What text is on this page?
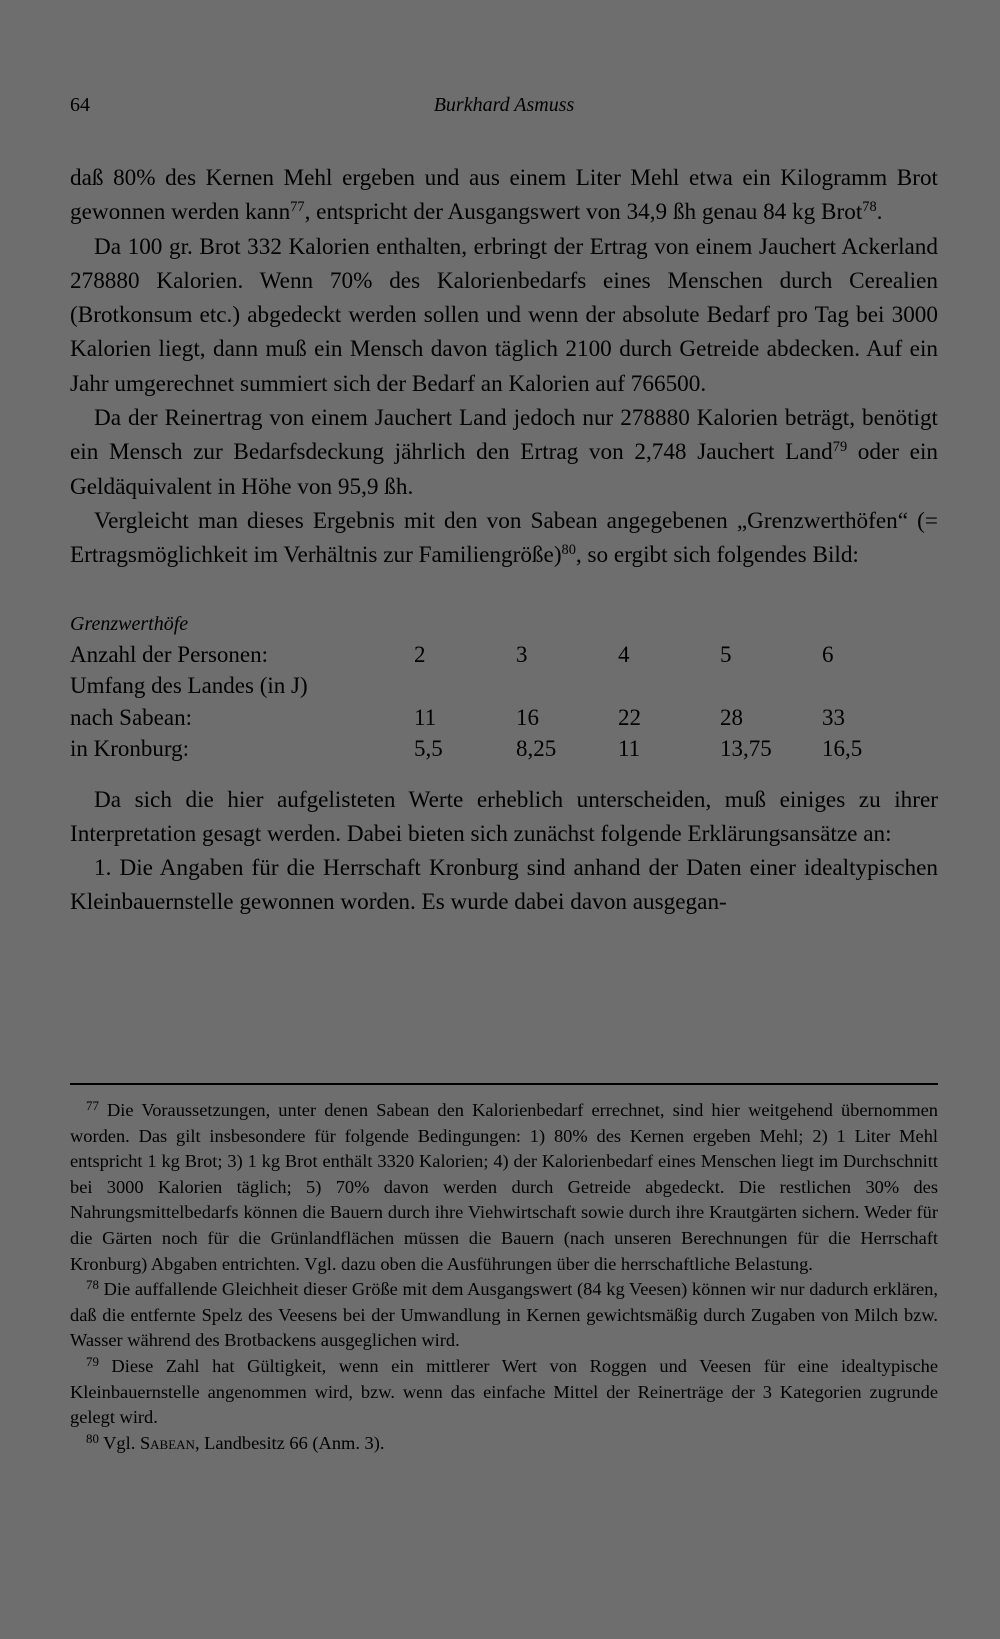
64	Burkhard Asmuss

daß 80% des Kernen Mehl ergeben und aus einem Liter Mehl etwa ein Kilogramm Brot gewonnen werden kann$^{77}$, entspricht der Ausgangswert von 34,9 ßh genau 84 kg Brot$^{78}$.

Da 100 gr. Brot 332 Kalorien enthalten, erbringt der Ertrag von einem Jauchert Ackerland 278880 Kalorien. Wenn 70% des Kalorienbedarfs eines Menschen durch Cerealien (Brotkonsum etc.) abgedeckt werden sollen und wenn der absolute Bedarf pro Tag bei 3000 Kalorien liegt, dann muß ein Mensch davon täglich 2100 durch Getreide abdecken. Auf ein Jahr umgerechnet summiert sich der Bedarf an Kalorien auf 766500.

Da der Reinertrag von einem Jauchert Land jedoch nur 278880 Kalorien beträgt, benötigt ein Mensch zur Bedarfsdeckung jährlich den Ertrag von 2,748 Jauchert Land$^{79}$ oder ein Geldäquivalent in Höhe von 95,9 ßh.

Vergleicht man dieses Ergebnis mit den von Sabean angegebenen „Grenzwerthöfen“ (= Ertragsmöglichkeit im Verhältnis zur Familiengröße)$^{80}$, so ergibt sich folgendes Bild:

Grenzwerthöfe
Anzahl der Personen:	2	3	4	5	6
Umfang des Landes (in J)					
nach Sabean:	11	16	22	28	33
in Kronburg:	5,5	8,25	11	13,75	16,5

Da sich die hier aufgelisteten Werte erheblich unterscheiden, muß einiges zu ihrer Interpretation gesagt werden. Dabei bieten sich zunächst folgende Erklärungsansätze an:

1. Die Angaben für die Herrschaft Kronburg sind anhand der Daten einer idealtypischen Kleinbauernstelle gewonnen worden. Es wurde dabei davon ausgegan-

$^{77}$ Die Voraussetzungen, unter denen Sabean den Kalorienbedarf errechnet, sind hier weitgehend übernommen worden. Das gilt insbesondere für folgende Bedingungen: 1) 80% des Kernen ergeben Mehl; 2) 1 Liter Mehl entspricht 1 kg Brot; 3) 1 kg Brot enthält 3320 Kalorien; 4) der Kalorienbedarf eines Menschen liegt im Durchschnitt bei 3000 Kalorien täglich; 5) 70% davon werden durch Getreide abgedeckt. Die restlichen 30% des Nahrungsmittelbedarfs können die Bauern durch ihre Viehwirtschaft sowie durch ihre Krautgärten sichern. Weder für die Gärten noch für die Grünlandflächen müssen die Bauern (nach unseren Berechnungen für die Herrschaft Kronburg) Abgaben entrichten. Vgl. dazu oben die Ausführungen über die herrschaftliche Belastung.

$^{78}$ Die auffallende Gleichheit dieser Größe mit dem Ausgangswert (84 kg Veesen) können wir nur dadurch erklären, daß die entfernte Spelz des Veesens bei der Umwandlung in Kernen gewichtsmäßig durch Zugaben von Milch bzw. Wasser während des Brotbackens ausgeglichen wird.

$^{79}$ Diese Zahl hat Gültigkeit, wenn ein mittlerer Wert von Roggen und Veesen für eine idealtypische Kleinbauernstelle angenommen wird, bzw. wenn das einfache Mittel der Reinerträge der 3 Kategorien zugrunde gelegt wird.

$^{80}$ Vgl. Sabean, Landbesitz 66 (Anm. 3).
